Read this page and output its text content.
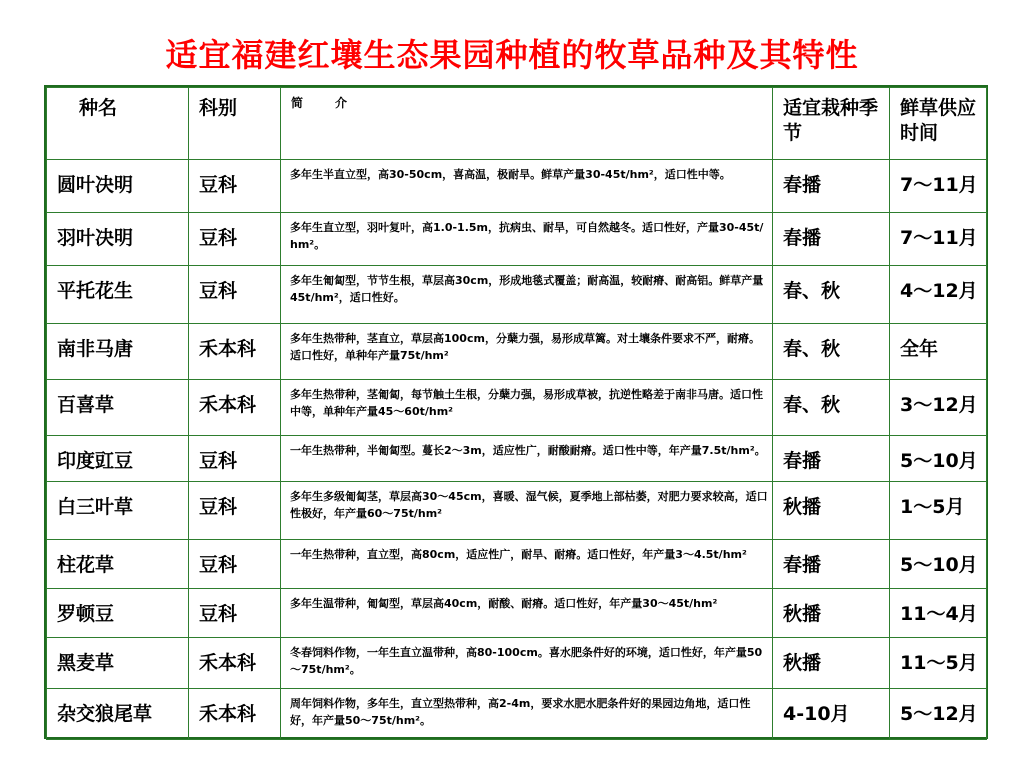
适宜福建红壤生态果园种植的牧草品种及其特性
种名	科别	简　介	适宜栽种季节	鲜草供应时间
圆叶决明	豆科	多年生半直立型，高30-50cm，喜高温，极耐旱。鲜草产量30-45t/hm²，适口性中等。	春播	7～11月
羽叶决明	豆科	多年生直立型，羽叶复叶，高1.0-1.5m，抗病虫、耐旱，可自然越冬。适口性好，产量30-45t/hm²。	春播	7～11月
平托花生	豆科	多年生匍匐型，节节生根，草层高30cm，形成地毯式覆盖；耐高温，较耐瘠、耐高铝。鲜草产量45t/hm²，适口性好。	春、秋	4～12月
南非马唐	禾本科	多年生热带种，茎直立，草层高100cm，分蘖力强，易形成草篱。对土壤条件要求不严，耐瘠。适口性好，单种年产量75t/hm²	春、秋	全年
百喜草	禾本科	多年生热带种，茎匍匐，每节触土生根，分蘖力强，易形成草被，抗逆性略差于南非马唐。适口性中等，单种年产量45～60t/hm²	春、秋	3～12月
印度豇豆	豆科	一年生热带种，半匍匐型。蔓长2～3m，适应性广，耐酸耐瘠。适口性中等，年产量7.5t/hm²。	春播	5～10月
白三叶草	豆科	多年生多级匍匐茎，草层高30～45cm，喜暖、湿气候，夏季地上部枯萎，对肥力要求较高，适口性极好，年产量60～75t/hm²	秋播	1～5月
柱花草	豆科	一年生热带种，直立型，高80cm，适应性广，耐旱、耐瘠。适口性好，年产量3～4.5t/hm²	春播	5～10月
罗顿豆	豆科	多年生温带种，匍匐型，草层高40cm，耐酸、耐瘠。适口性好，年产量30～45t/hm²	秋播	11～4月
黑麦草	禾本科	冬春饲料作物，一年生直立温带种，高80-100cm。喜水肥条件好的环境，适口性好，年产量50～75t/hm²。	秋播	11～5月
杂交狼尾草	禾本科	周年饲料作物，多年生，直立型热带种，高2-4m，要求水肥水肥条件好的果园边角地，适口性好，年产量50～75t/hm²。	4-10月	5～12月
